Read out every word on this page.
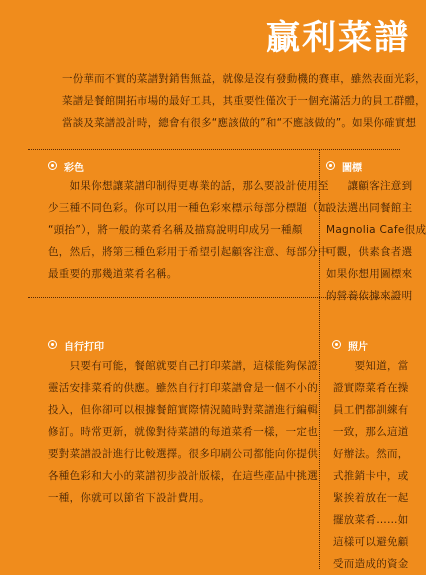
贏利菜譜
一份華而不實的菜譜對銷售無益，就像是沒有發動機的賽車，雖然表面光彩，
菜譜是餐館開拓市場的最好工具，其重要性僅次于一個充滿活力的員工群體，
當談及菜譜設計時，總會有很多“應該做的”和“不應該做的”。如果你確實想
彩色
　　如果你想讓菜譜印制得更專業的話，那么要設計使用至
少三種不同色彩。你可以用一種色彩來標示每部分標題（如
“頭抬”），將一般的菜肴名稱及描寫說明印成另一種顏
色，然后，將第三種色彩用于希望引起顧客注意、每部分中
最重要的那幾道菜肴名稱。
圖標
　　讓顧客注意到
設法選出同餐館主
Magnolia Cafe很成
可觀，供素食者選
如果你想用圖標來
的營養依據來證明
自行打印
　　只要有可能，餐館就要自己打印菜譜，這樣能夠保證
靈活安排菜肴的供應。雖然自行打印菜譜會是一個不小的
投入，但你卻可以根據餐館實際情況隨時對菜譜進行編輯
修訂。時常更新，就像對待菜譜的每道菜肴一樣，一定也
要對菜譜設計進行比較選擇。很多印刷公司都能向你提供
各種色彩和大小的菜譜初步設計版樣，在這些產品中挑選
一種，你就可以節省下設計費用。
照片
　　要知道，當
證實際菜肴在操
員工們都訓練有
一致，那么這道
好辦法。然而，
式推銷卡中，或
緊挨着放在一起
擺放菜肴……如
這樣可以避免顧
受而造成的資金
